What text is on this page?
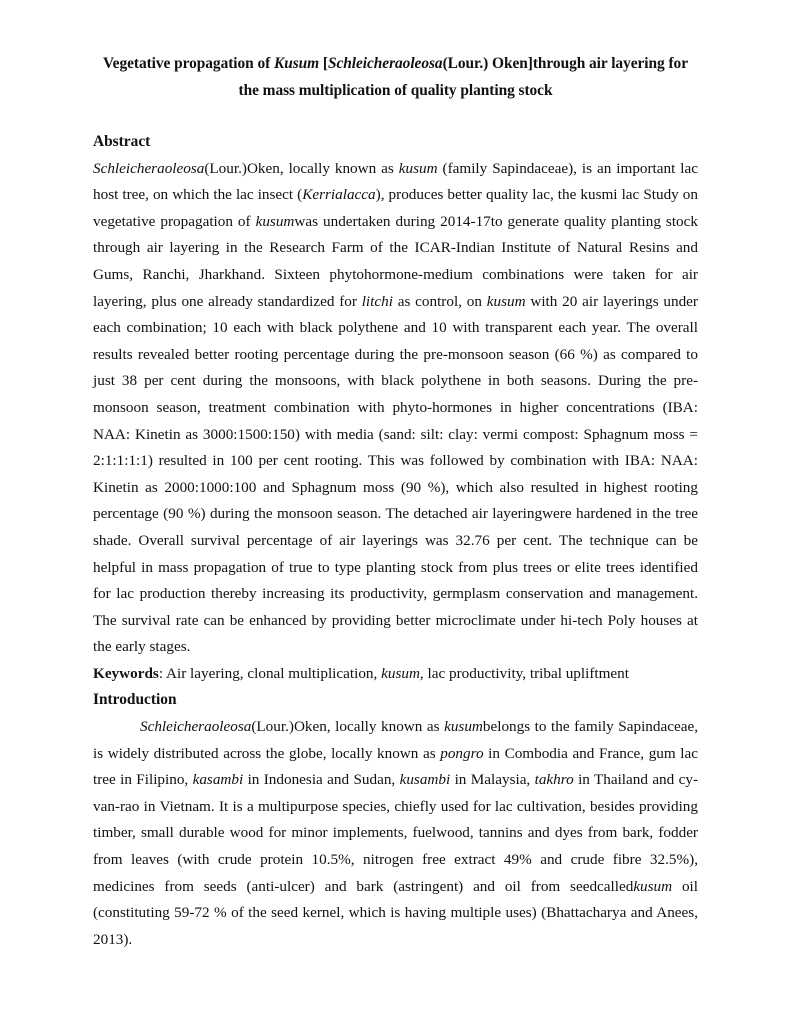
Vegetative propagation of Kusum [Schleicheraoleosa(Lour.) Oken]through air layering for
the mass multiplication of quality planting stock
Abstract

Schleicheraoleosa(Lour.)Oken, locally known as kusum (family Sapindaceae), is an important lac host tree, on which the lac insect (Kerrialacca), produces better quality lac, the kusmi lac Study on vegetative propagation of kusumwas undertaken during 2014-17to generate quality planting stock through air layering in the Research Farm of the ICAR-Indian Institute of Natural Resins and Gums, Ranchi, Jharkhand. Sixteen phytohormone-medium combinations were taken for air layering, plus one already standardized for litchi as control, on kusum with 20 air layerings under each combination; 10 each with black polythene and 10 with transparent each year. The overall results revealed better rooting percentage during the pre-monsoon season (66 %) as compared to just 38 per cent during the monsoons, with black polythene in both seasons. During the pre-monsoon season, treatment combination with phyto-hormones in higher concentrations (IBA: NAA: Kinetin as 3000:1500:150) with media (sand: silt: clay: vermi compost: Sphagnum moss = 2:1:1:1:1) resulted in 100 per cent rooting. This was followed by combination with IBA: NAA: Kinetin as 2000:1000:100 and Sphagnum moss (90 %), which also resulted in highest rooting percentage (90 %) during the monsoon season. The detached air layeringwere hardened in the tree shade. Overall survival percentage of air layerings was 32.76 per cent. The technique can be helpful in mass propagation of true to type planting stock from plus trees or elite trees identified for lac production thereby increasing its productivity, germplasm conservation and management. The survival rate can be enhanced by providing better microclimate under hi-tech Poly houses at the early stages.

Keywords: Air layering, clonal multiplication, kusum, lac productivity, tribal upliftment

Introduction

Schleicheraoleosa(Lour.)Oken, locally known as kusumbelongs to the family Sapindaceae, is widely distributed across the globe, locally known as pongro in Combodia and France, gum lac tree in Filipino, kasambi in Indonesia and Sudan, kusambi in Malaysia, takhro in Thailand and cy-van-rao in Vietnam. It is a multipurpose species, chiefly used for lac cultivation, besides providing timber, small durable wood for minor implements, fuelwood, tannins and dyes from bark, fodder from leaves (with crude protein 10.5%, nitrogen free extract 49% and crude fibre 32.5%), medicines from seeds (anti-ulcer) and bark (astringent) and oil from seedcalledkusum oil (constituting 59-72 % of the seed kernel, which is having multiple uses) (Bhattacharya and Anees, 2013).
